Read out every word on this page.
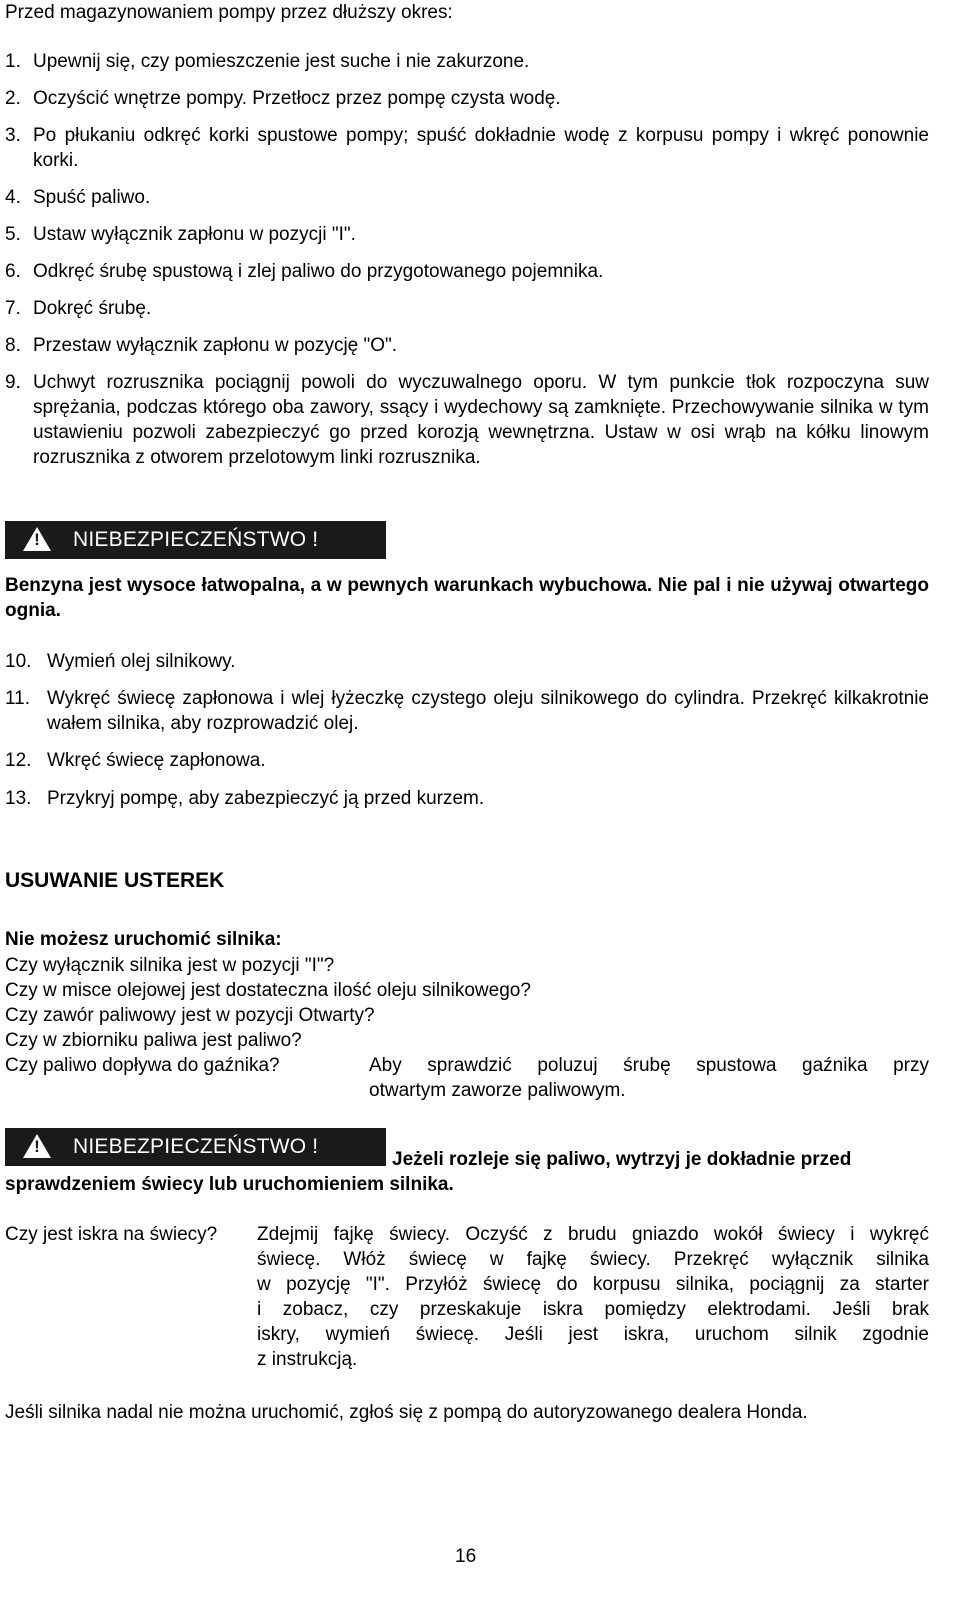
Przed magazynowaniem pompy przez dłuższy okres:
1. Upewnij się, czy pomieszczenie jest suche i nie zakurzone.
2. Oczyścić wnętrze pompy. Przetłocz przez pompę czysta wodę.
3. Po płukaniu odkręć korki spustowe pompy; spuść dokładnie wodę z korpusu pompy i wkręć ponownie korki.
4. Spuść paliwo.
5. Ustaw wyłącznik zapłonu w pozycji "I".
6. Odkręć śrubę spustową i zlej paliwo do przygotowanego pojemnika.
7. Dokręć śrubę.
8. Przestaw wyłącznik zapłonu w pozycję "O".
9. Uchwyt rozrusznika pociągnij powoli do wyczuwalnego oporu. W tym punkcie tłok rozpoczyna suw sprężania, podczas którego oba zawory, ssący i wydechowy są zamknięte. Przechowywanie silnika w tym ustawieniu pozwoli zabezpieczyć go przed korozją wewnętrzna. Ustaw w osi wrąb na kółku linowym rozrusznika z otworem przelotowym linki rozrusznika.
! NIEBEZPIECZEŃSTWO !
Benzyna jest wysoce łatwopalna, a w pewnych warunkach wybuchowa. Nie pal i nie używaj otwartego ognia.
10. Wymień olej silnikowy.
11. Wykręć świecę zapłonowa i wlej łyżeczkę czystego oleju silnikowego do cylindra. Przekręć kilkakrotnie wałem silnika, aby rozprowadzić olej.
12. Wkręć świecę zapłonowa.
13. Przykryj pompę, aby zabezpieczyć ją przed kurzem.
USUWANIE USTEREK
Nie możesz uruchomić silnika:
Czy wyłącznik silnika jest w pozycji "I"?
Czy w misce olejowej jest dostateczna ilość oleju silnikowego?
Czy zawór paliwowy jest w pozycji Otwarty?
Czy w zbiorniku paliwa jest paliwo?
Czy paliwo dopływa do gaźnika?	Aby sprawdzić poluzuj śrubę spustowa gaźnika przy
otwartym zaworze paliwowym.
! NIEBEZPIECZEŃSTWO !
Jeżeli rozleje się paliwo, wytrzyj je dokładnie przed
sprawdzeniem świecy lub uruchomieniem silnika.
Czy jest iskra na świecy? Zdejmij fajkę świecy. Oczyść z brudu gniazdo wokół świecy i wykręć
świecę. Włóż świecę w fajkę świecy. Przekręć wyłącznik silnika
w pozycję "I". Przyłóż świecę do korpusu silnika, pociągnij za starter
i zobacz, czy przeskakuje iskra pomiędzy elektrodami. Jeśli brak
iskry, wymień świecę. Jeśli jest iskra, uruchom silnik zgodnie
z instrukcją.
Jeśli silnika nadal nie można uruchomić, zgłoś się z pompą do autoryzowanego dealera Honda.
16
